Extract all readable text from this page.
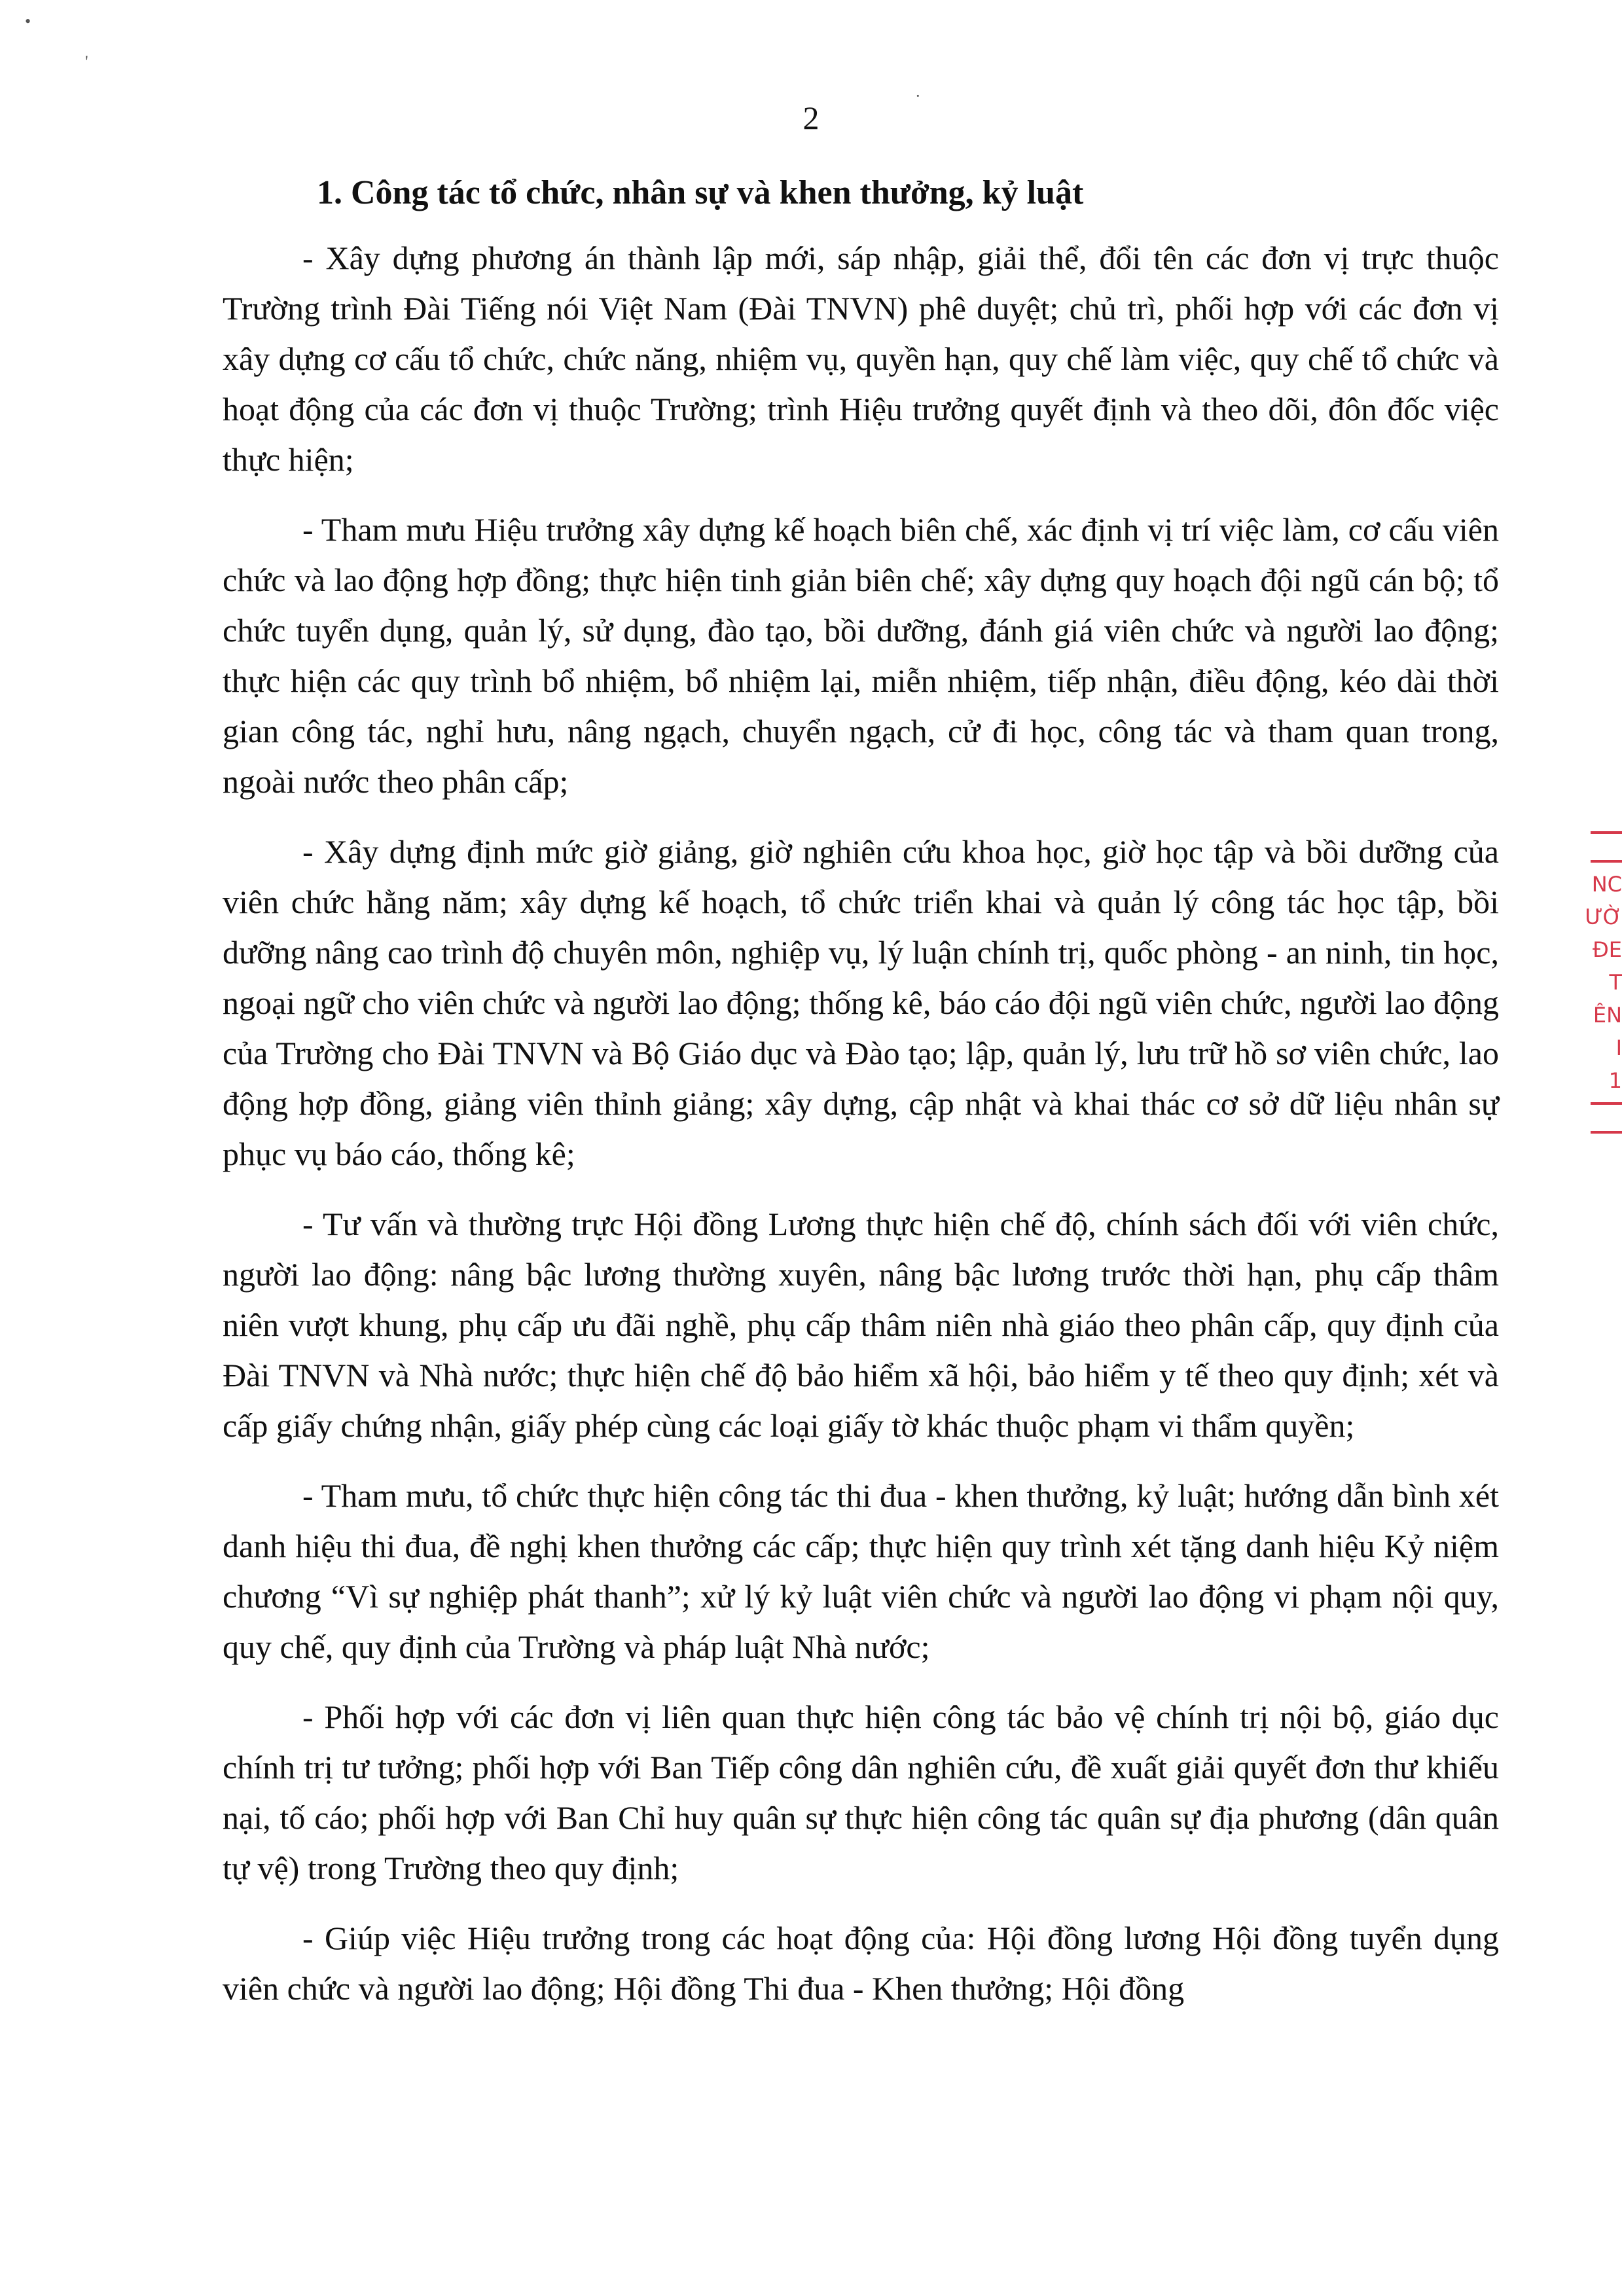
•
'
·
2
1. Công tác tổ chức, nhân sự và khen thưởng, kỷ luật

- Xây dựng phương án thành lập mới, sáp nhập, giải thể, đổi tên các đơn vị trực thuộc Trường trình Đài Tiếng nói Việt Nam (Đài TNVN) phê duyệt; chủ trì, phối hợp với các đơn vị xây dựng cơ cấu tổ chức, chức năng, nhiệm vụ, quyền hạn, quy chế làm việc, quy chế tổ chức và hoạt động của các đơn vị thuộc Trường; trình Hiệu trưởng quyết định và theo dõi, đôn đốc việc thực hiện;

- Tham mưu Hiệu trưởng xây dựng kế hoạch biên chế, xác định vị trí việc làm, cơ cấu viên chức và lao động hợp đồng; thực hiện tinh giản biên chế; xây dựng quy hoạch đội ngũ cán bộ; tổ chức tuyển dụng, quản lý, sử dụng, đào tạo, bồi dưỡng, đánh giá viên chức và người lao động; thực hiện các quy trình bổ nhiệm, bổ nhiệm lại, miễn nhiệm, tiếp nhận, điều động, kéo dài thời gian công tác, nghỉ hưu, nâng ngạch, chuyển ngạch, cử đi học, công tác và tham quan trong, ngoài nước theo phân cấp;

- Xây dựng định mức giờ giảng, giờ nghiên cứu khoa học, giờ học tập và bồi dưỡng của viên chức hằng năm; xây dựng kế hoạch, tổ chức triển khai và quản lý công tác học tập, bồi dưỡng nâng cao trình độ chuyên môn, nghiệp vụ, lý luận chính trị, quốc phòng - an ninh, tin học, ngoại ngữ cho viên chức và người lao động; thống kê, báo cáo đội ngũ viên chức, người lao động của Trường cho Đài TNVN và Bộ Giáo dục và Đào tạo; lập, quản lý, lưu trữ hồ sơ viên chức, lao động hợp đồng, giảng viên thỉnh giảng; xây dựng, cập nhật và khai thác cơ sở dữ liệu nhân sự phục vụ báo cáo, thống kê;

- Tư vấn và thường trực Hội đồng Lương thực hiện chế độ, chính sách đối với viên chức, người lao động: nâng bậc lương thường xuyên, nâng bậc lương trước thời hạn, phụ cấp thâm niên vượt khung, phụ cấp ưu đãi nghề, phụ cấp thâm niên nhà giáo theo phân cấp, quy định của Đài TNVN và Nhà nước; thực hiện chế độ bảo hiểm xã hội, bảo hiểm y tế theo quy định; xét và cấp giấy chứng nhận, giấy phép cùng các loại giấy tờ khác thuộc phạm vi thẩm quyền;

- Tham mưu, tổ chức thực hiện công tác thi đua - khen thưởng, kỷ luật; hướng dẫn bình xét danh hiệu thi đua, đề nghị khen thưởng các cấp; thực hiện quy trình xét tặng danh hiệu Kỷ niệm chương “Vì sự nghiệp phát thanh”; xử lý kỷ luật viên chức và người lao động vi phạm nội quy, quy chế, quy định của Trường và pháp luật Nhà nước;

- Phối hợp với các đơn vị liên quan thực hiện công tác bảo vệ chính trị nội bộ, giáo dục chính trị tư tưởng; phối hợp với Ban Tiếp công dân nghiên cứu, đề xuất giải quyết đơn thư khiếu nại, tố cáo; phối hợp với Ban Chỉ huy quân sự thực hiện công tác quân sự địa phương (dân quân tự vệ) trong Trường theo quy định;

- Giúp việc Hiệu trưởng trong các hoạt động của: Hội đồng lương Hội đồng tuyển dụng viên chức và người lao động; Hội đồng Thi đua - Khen thưởng; Hội đồng

NC
ƯỜ
ĐE
T
ÊN
I
1
